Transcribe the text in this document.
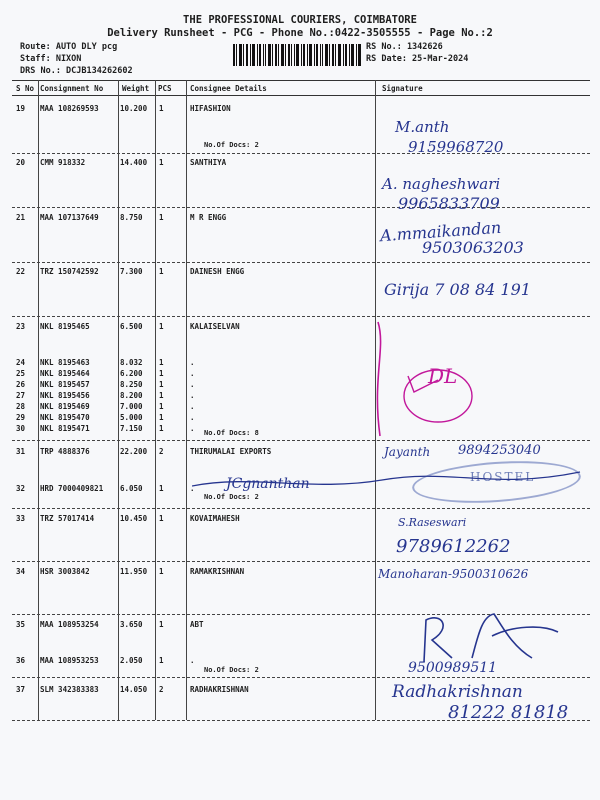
THE PROFESSIONAL COURIERS, COIMBATORE
Delivery Runsheet - PCG - Phone No.:0422-3505555 - Page No.:2
Route: AUTO DLY pcg
Staff: NIXON
DRS No.: DCJB134262602
RS No.: 1342626
RS Date: 25-Mar-2024
S No Consignment No	Weight PCS Consignee Details	Signature
19 MAA 108269593	10.200 1	HIFASHION
No.Of Docs: 2
20 CMM 918332	14.400 1	SANTHIYA
21 MAA 107137649	8.750 1	M R ENGG
22 TRZ 150742592	7.300 1	DAINESH ENGG
23 NKL 8195465	6.500 1	KALAISELVAN
24 NKL 8195463	8.032 1	.
25 NKL 8195464	6.200 1	.
26 NKL 8195457	8.250 1	.
27 NKL 8195456	8.200 1	.
28 NKL 8195469	7.000 1	.
29 NKL 8195470	5.000 1	.
30 NKL 8195471	7.150 1	. No.Of Docs: 8
31 TRP 4888376	22.200 2	THIRUMALAI EXPORTS
32 HRD 7000409821 6.050 1	.
No.Of Docs: 2
33 TRZ 57017414	10.450 1	KOVAIMAHESH
34 HSR 3003842	11.950 1	RAMAKRISHNAN
35 MAA 108953254	3.650 1	ABT
36 MAA 108953253	2.050 1	.
No.Of Docs: 2
37 SLM 342383383	14.050 2	RADHAKRISHNAN
M.anth
9159968720
A. nagheshwari
9965833709
A.mmaikandan
9503063203
Girija 7 08 84 191
DL
Jayanth 9894253040
HOSTEL
JCgnanthan
S.Raseswari
9789612262
Manoharan-9500310626
9500989511
Radhakrishnan
81222 81818
